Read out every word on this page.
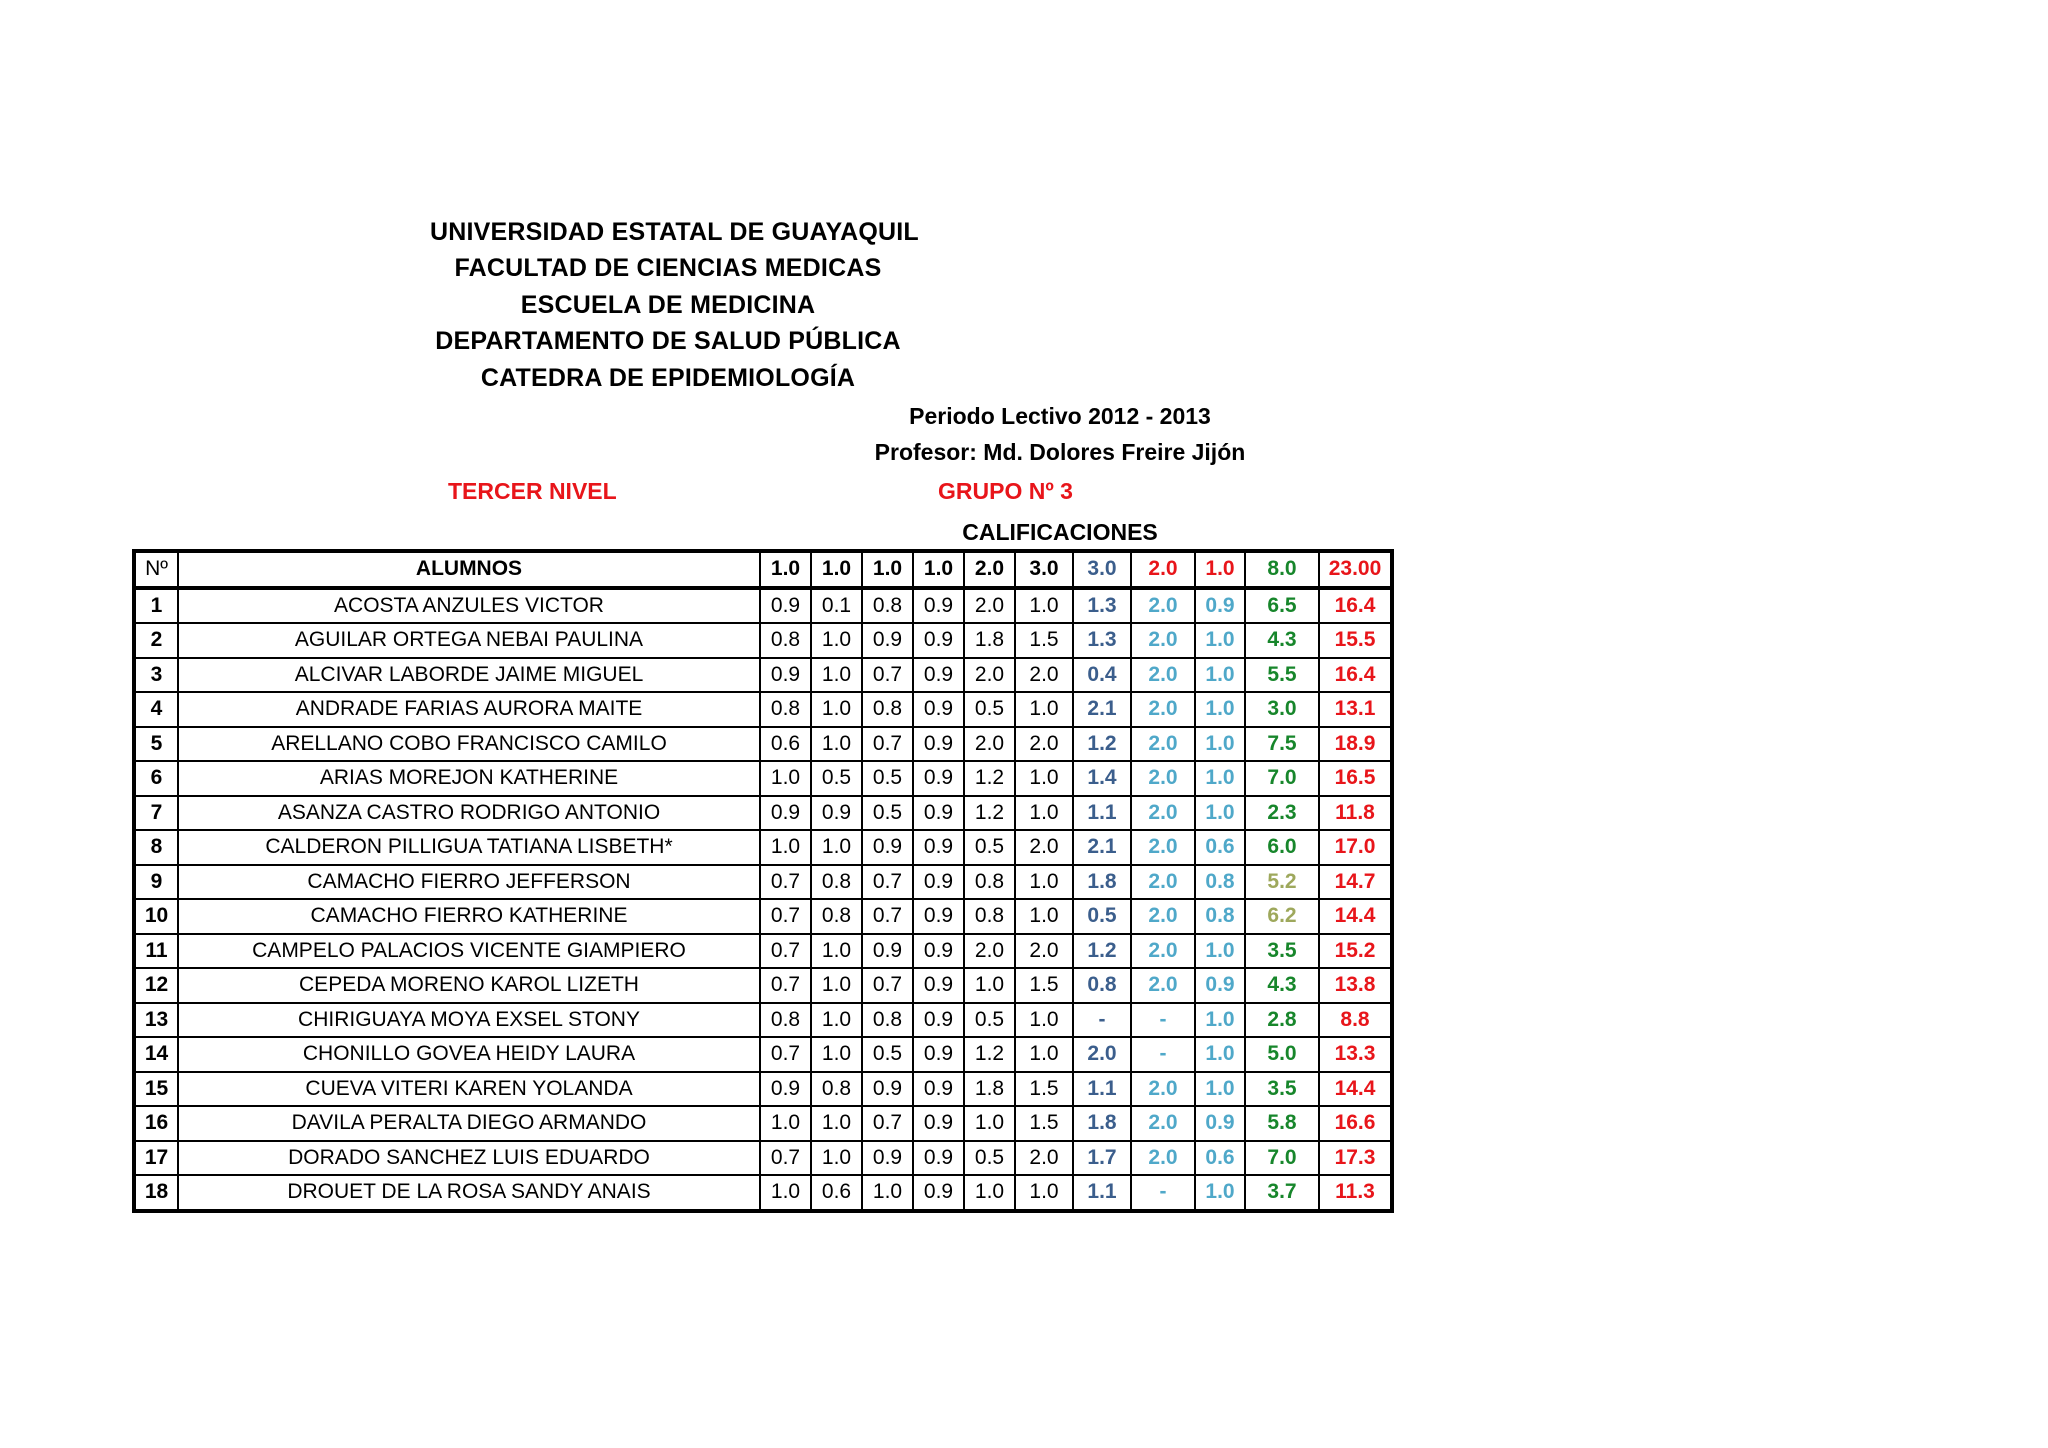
UNIVERSIDAD ESTATAL DE GUAYAQUIL
FACULTAD DE CIENCIAS MEDICAS
ESCUELA DE MEDICINA
DEPARTAMENTO DE SALUD PÚBLICA
CATEDRA DE EPIDEMIOLOGÍA
Periodo Lectivo 2012 - 2013
Profesor: Md. Dolores Freire Jijón
TERCER NIVEL	GRUPO Nº 3
CALIFICACIONES
Nº	ALUMNOS	1.0	1.0	1.0	1.0	2.0	3.0	3.0	2.0	1.0	8.0	23.00
1	ACOSTA ANZULES VICTOR	0.9	0.1	0.8	0.9	2.0	1.0	1.3	2.0	0.9	6.5	16.4
2	AGUILAR ORTEGA NEBAI PAULINA	0.8	1.0	0.9	0.9	1.8	1.5	1.3	2.0	1.0	4.3	15.5
3	ALCIVAR LABORDE JAIME MIGUEL	0.9	1.0	0.7	0.9	2.0	2.0	0.4	2.0	1.0	5.5	16.4
4	ANDRADE FARIAS AURORA MAITE	0.8	1.0	0.8	0.9	0.5	1.0	2.1	2.0	1.0	3.0	13.1
5	ARELLANO COBO FRANCISCO CAMILO	0.6	1.0	0.7	0.9	2.0	2.0	1.2	2.0	1.0	7.5	18.9
6	ARIAS MOREJON KATHERINE	1.0	0.5	0.5	0.9	1.2	1.0	1.4	2.0	1.0	7.0	16.5
7	ASANZA CASTRO RODRIGO ANTONIO	0.9	0.9	0.5	0.9	1.2	1.0	1.1	2.0	1.0	2.3	11.8
8	CALDERON PILLIGUA TATIANA LISBETH*	1.0	1.0	0.9	0.9	0.5	2.0	2.1	2.0	0.6	6.0	17.0
9	CAMACHO FIERRO JEFFERSON	0.7	0.8	0.7	0.9	0.8	1.0	1.8	2.0	0.8	5.2	14.7
10	CAMACHO FIERRO KATHERINE	0.7	0.8	0.7	0.9	0.8	1.0	0.5	2.0	0.8	6.2	14.4
11	CAMPELO PALACIOS VICENTE GIAMPIERO	0.7	1.0	0.9	0.9	2.0	2.0	1.2	2.0	1.0	3.5	15.2
12	CEPEDA MORENO KAROL LIZETH	0.7	1.0	0.7	0.9	1.0	1.5	0.8	2.0	0.9	4.3	13.8
13	CHIRIGUAYA MOYA EXSEL STONY	0.8	1.0	0.8	0.9	0.5	1.0	-	-	1.0	2.8	8.8
14	CHONILLO GOVEA HEIDY LAURA	0.7	1.0	0.5	0.9	1.2	1.0	2.0	-	1.0	5.0	13.3
15	CUEVA VITERI KAREN YOLANDA	0.9	0.8	0.9	0.9	1.8	1.5	1.1	2.0	1.0	3.5	14.4
16	DAVILA PERALTA DIEGO ARMANDO	1.0	1.0	0.7	0.9	1.0	1.5	1.8	2.0	0.9	5.8	16.6
17	DORADO SANCHEZ LUIS EDUARDO	0.7	1.0	0.9	0.9	0.5	2.0	1.7	2.0	0.6	7.0	17.3
18	DROUET DE LA ROSA SANDY ANAIS	1.0	0.6	1.0	0.9	1.0	1.0	1.1	-	1.0	3.7	11.3
